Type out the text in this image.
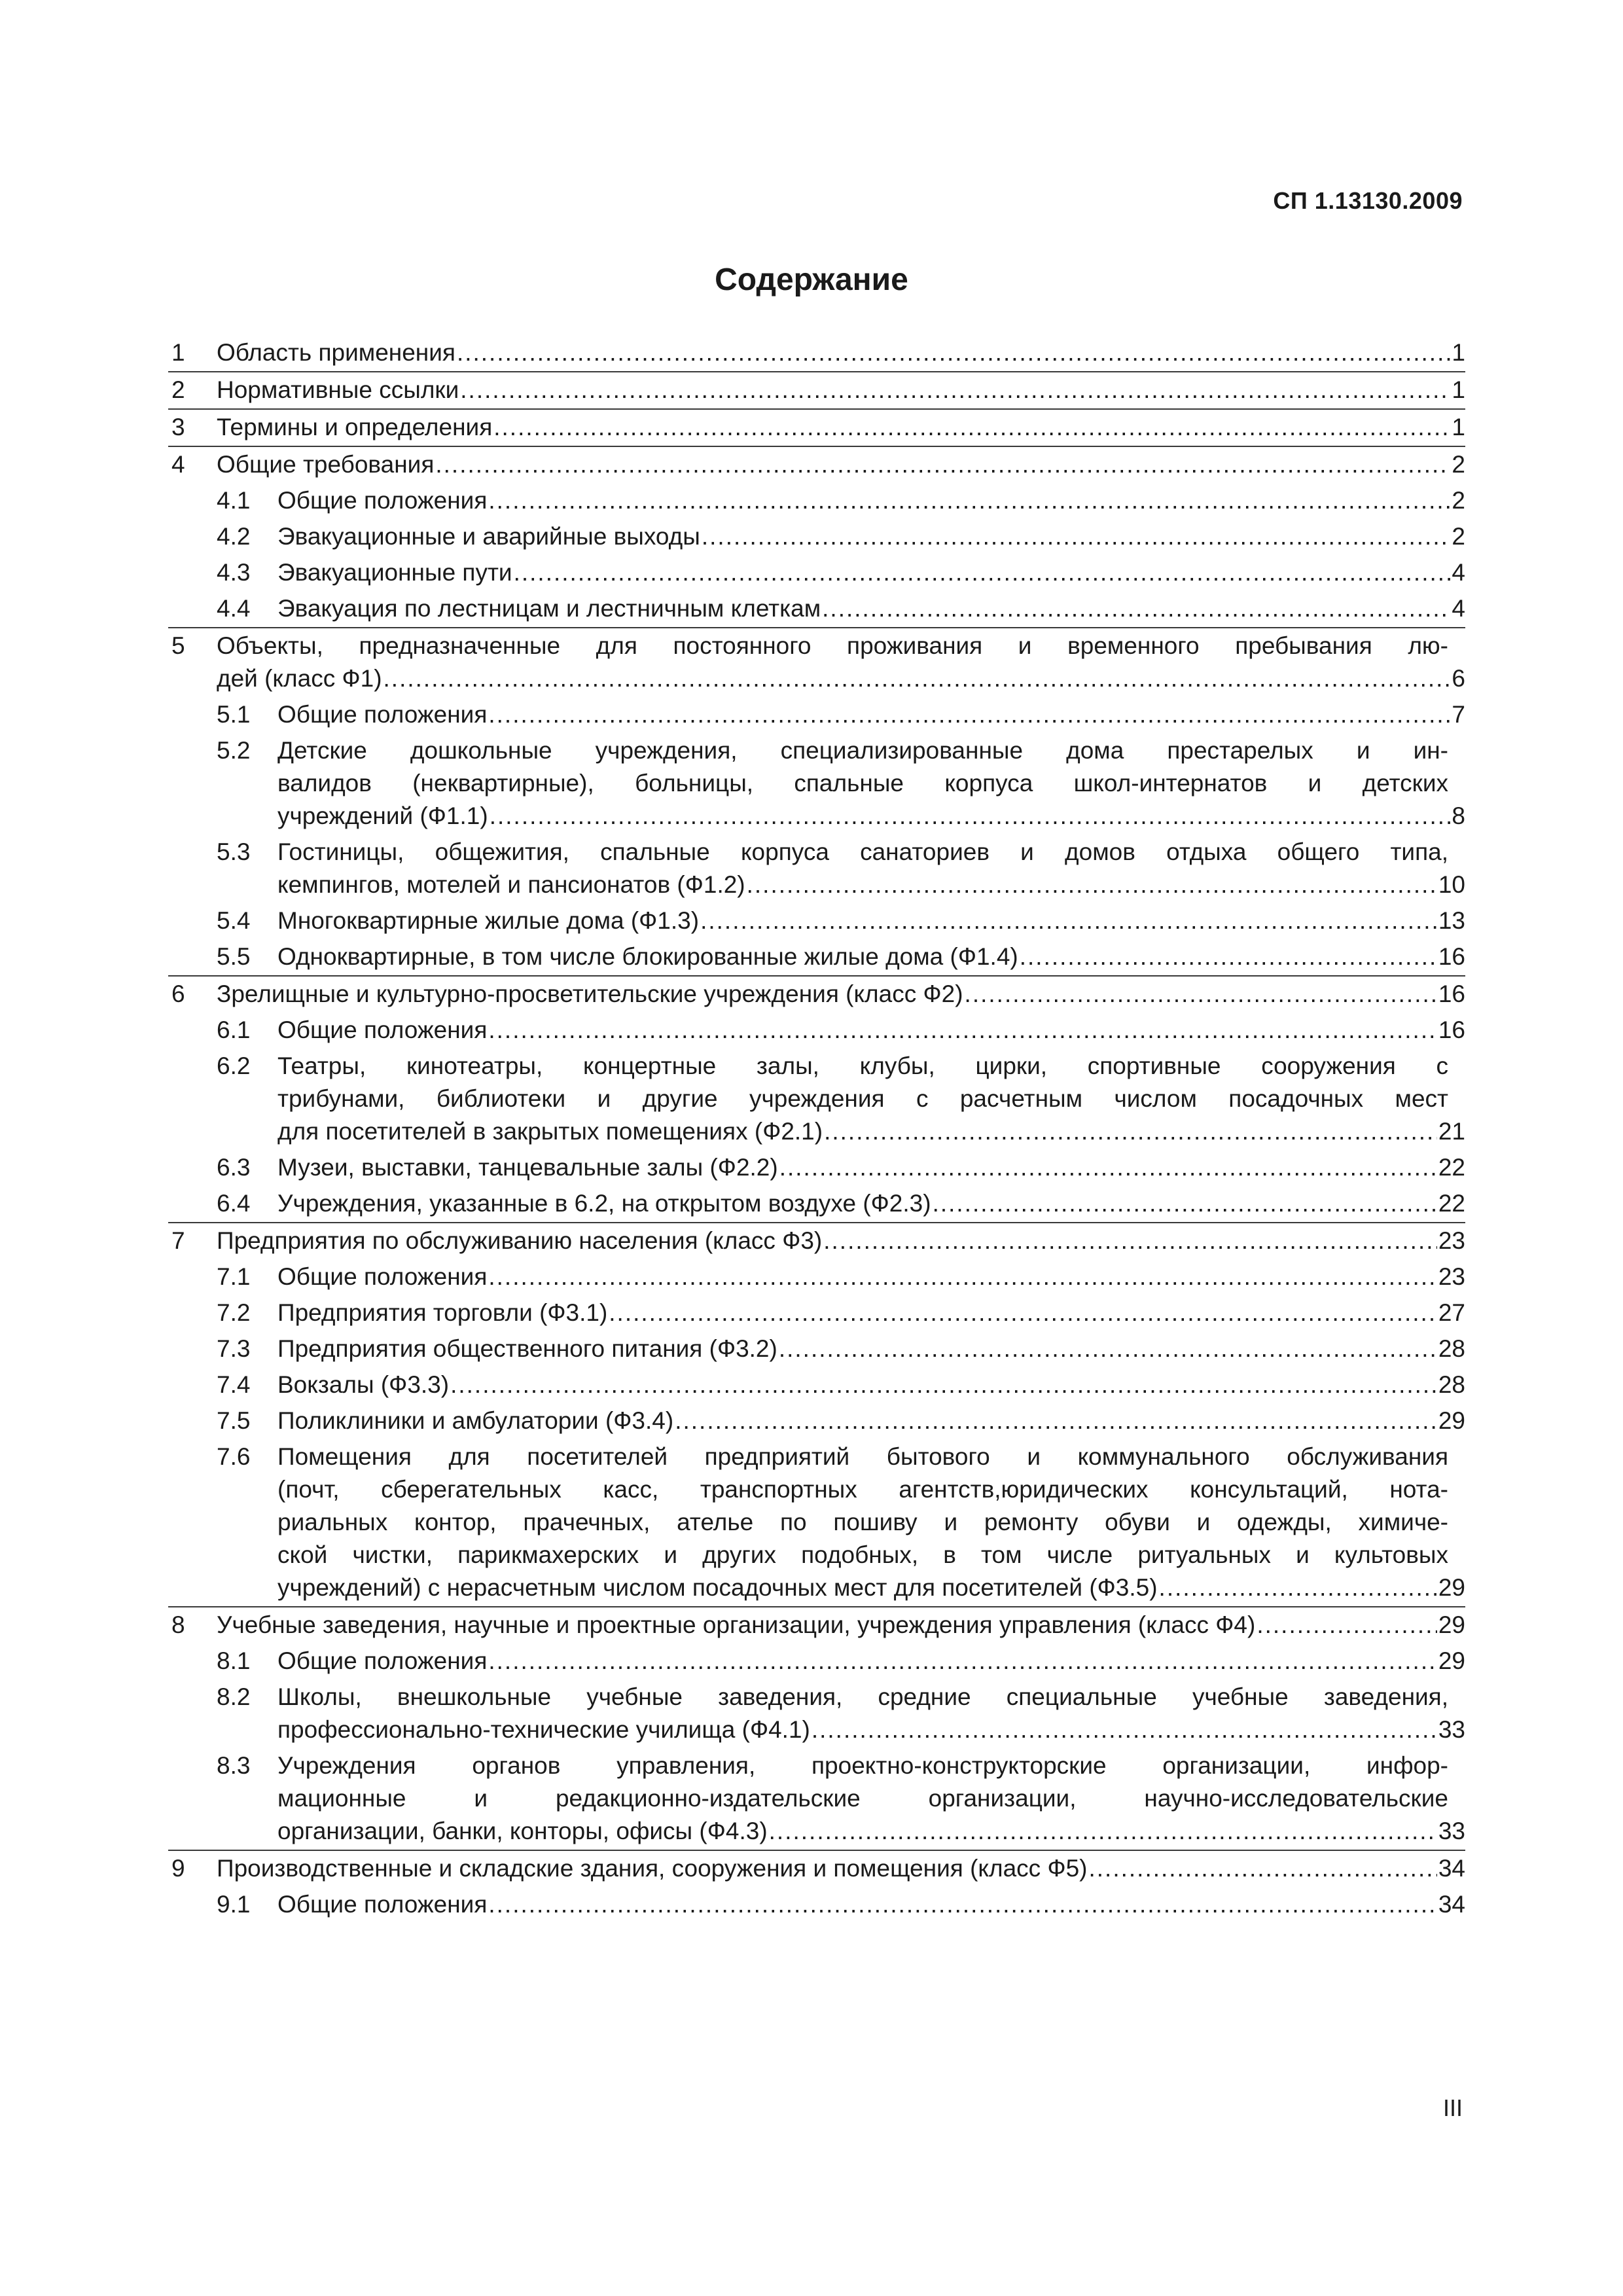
СП 1.13130.2009
Содержание
1 Область применения .....	1
2 Нормативные ссылки .....	1
3 Термины и определения .....	1
4 Общие требования .....	2
4.1 Общие положения .....	2
4.2 Эвакуационные и аварийные выходы .....	2
4.3 Эвакуационные пути .....	4
4.4 Эвакуация по лестницам и лестничным клеткам .....	4
5 Объекты, предназначенные для постоянного проживания и временного пребывания лю-
дей (класс Ф1) .....	6
5.1 Общие положения .....	7
5.2 Детские дошкольные учреждения, специализированные дома престарелых и ин-
валидов (неквартирные), больницы, спальные корпуса школ-интернатов и детских
учреждений (Ф1.1) .....	8
5.3 Гостиницы, общежития, спальные корпуса санаториев и домов отдыха общего типа,
кемпингов, мотелей и пансионатов (Ф1.2) .....	10
5.4 Многоквартирные жилые дома (Ф1.3) .....	13
5.5 Одноквартирные, в том числе блокированные жилые дома (Ф1.4) .....	16
6 Зрелищные и культурно-просветительские учреждения (класс Ф2) .....	16
6.1 Общие положения .....	16
6.2 Театры, кинотеатры, концертные залы, клубы, цирки, спортивные сооружения с
трибунами, библиотеки и другие учреждения с расчетным числом посадочных мест
для посетителей в закрытых помещениях (Ф2.1) .....	21
6.3 Музеи, выставки, танцевальные залы (Ф2.2) .....	22
6.4 Учреждения, указанные в 6.2, на открытом воздухе (Ф2.3) .....	22
7 Предприятия по обслуживанию населения (класс Ф3) .....	23
7.1 Общие положения .....	23
7.2 Предприятия торговли (Ф3.1) .....	27
7.3 Предприятия общественного питания (Ф3.2) .....	28
7.4 Вокзалы (Ф3.3) .....	28
7.5 Поликлиники и амбулатории (Ф3.4) .....	29
7.6 Помещения для посетителей предприятий бытового и коммунального обслуживания
(почт, сберегательных касс, транспортных агентств,юридических консультаций, нота-
риальных контор, прачечных, ателье по пошиву и ремонту обуви и одежды, химиче-
ской чистки, парикмахерских и других подобных, в том числе ритуальных и культовых
учреждений) с нерасчетным числом посадочных мест для посетителей (Ф3.5) .....	29
8 Учебные заведения, научные и проектные организации, учреждения управления (класс Ф4) .....	29
8.1 Общие положения .....	29
8.2 Школы, внешкольные учебные заведения, средние специальные учебные заведения,
профессионально-технические училища (Ф4.1) .....	33
8.3 Учреждения органов управления, проектно-конструкторские организации, инфор-
мационные и редакционно-издательские организации, научно-исследовательские
организации, банки, конторы, офисы (Ф4.3) .....	33
9 Производственные и складские здания, сооружения и помещения (класс Ф5) .....	34
9.1 Общие положения .....	34
III
